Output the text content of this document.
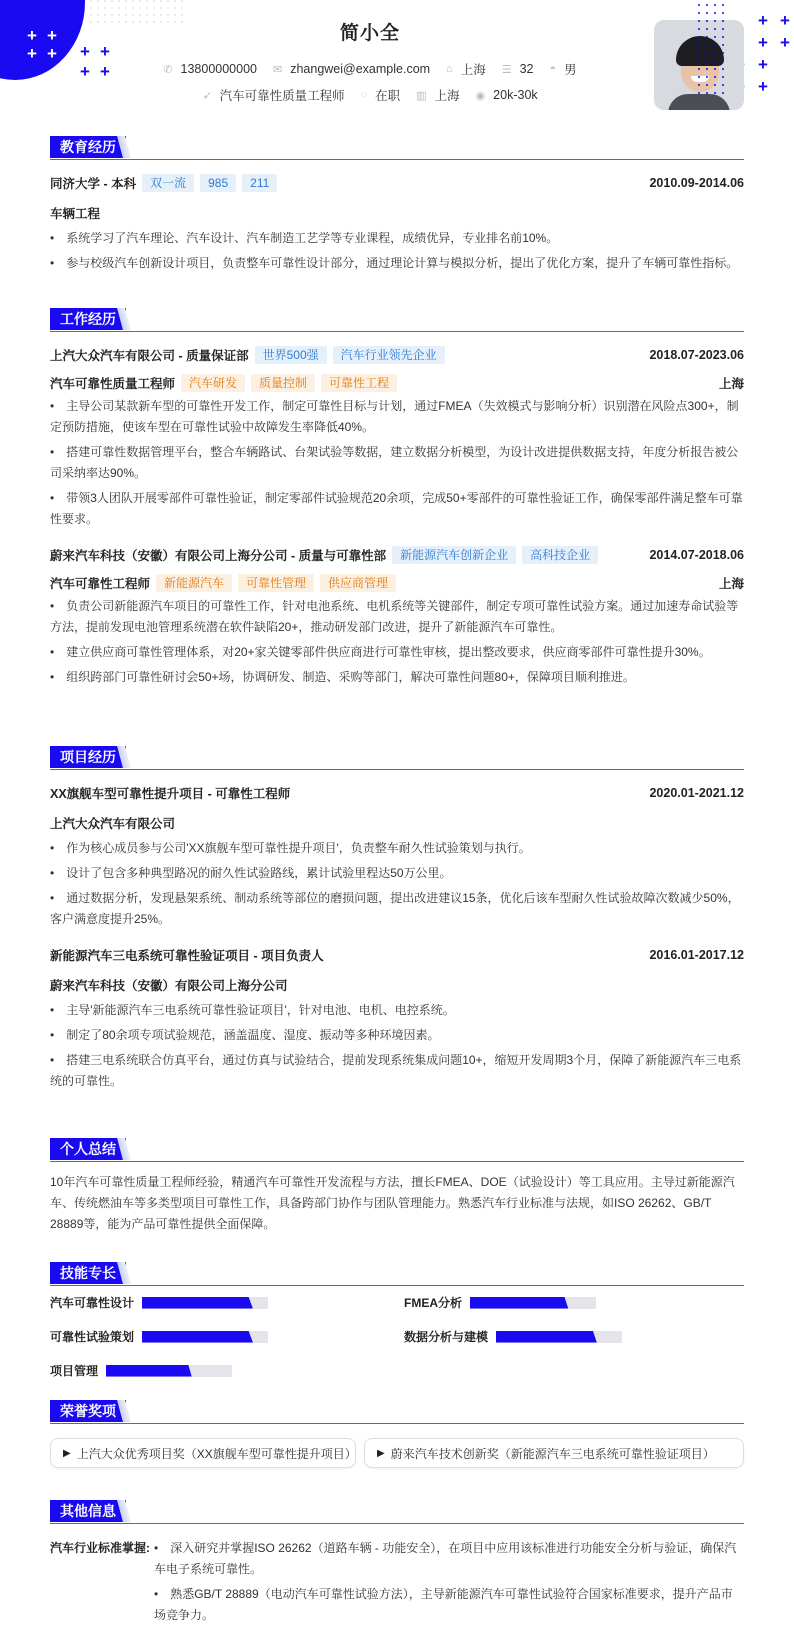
+ +
+ + + +
+ +
+ +
+ +
+
+
简小全
✆ 13800000000 ✉ zhangwei@example.com ⌂ 上海 ☰ 32 ◓ 男
➶ 汽车可靠性质量工程师 ◌ 在职 ▥ 上海 ◉ 20k-30k
教育经历
同济大学 - 本科	双一流	985	211	2010.09-2014.06
车辆工程
• 系统学习了汽车理论、汽车设计、汽车制造工艺学等专业课程，成绩优异，专业排名前10%。
• 参与校级汽车创新设计项目，负责整车可靠性设计部分，通过理论计算与模拟分析，提出了优化方案，提升了车辆可靠性指标。
工作经历
上汽大众汽车有限公司 - 质量保证部	世界500强	汽车行业领先企业	2018.07-2023.06
汽车可靠性质量工程师	汽车研发	质量控制	可靠性工程	上海
• 主导公司某款新车型的可靠性开发工作，制定可靠性目标与计划，通过FMEA（失效模式与影响分析）识别潜在风险点300+，制定预防措施，使该车型在可靠性试验中故障发生率降低40%。
• 搭建可靠性数据管理平台，整合车辆路试、台架试验等数据，建立数据分析模型，为设计改进提供数据支持，年度分析报告被公司采纳率达90%。
• 带领3人团队开展零部件可靠性验证，制定零部件试验规范20余项，完成50+零部件的可靠性验证工作，确保零部件满足整车可靠性要求。
蔚来汽车科技（安徽）有限公司上海分公司 - 质量与可靠性部	新能源汽车创新企业	高科技企业	2014.07-2018.06
汽车可靠性工程师	新能源汽车	可靠性管理	供应商管理	上海
• 负责公司新能源汽车项目的可靠性工作，针对电池系统、电机系统等关键部件，制定专项可靠性试验方案。通过加速寿命试验等方法，提前发现电池管理系统潜在软件缺陷20+，推动研发部门改进，提升了新能源汽车可靠性。
• 建立供应商可靠性管理体系，对20+家关键零部件供应商进行可靠性审核，提出整改要求，供应商零部件可靠性提升30%。
• 组织跨部门可靠性研讨会50+场，协调研发、制造、采购等部门，解决可靠性问题80+，保障项目顺利推进。
项目经历
XX旗舰车型可靠性提升项目 - 可靠性工程师	2020.01-2021.12
上汽大众汽车有限公司
• 作为核心成员参与公司'XX旗舰车型可靠性提升项目'，负责整车耐久性试验策划与执行。
• 设计了包含多种典型路况的耐久性试验路线，累计试验里程达50万公里。
• 通过数据分析，发现悬架系统、制动系统等部位的磨损问题，提出改进建议15条，优化后该车型耐久性试验故障次数减少50%，客户满意度提升25%。
新能源汽车三电系统可靠性验证项目 - 项目负责人	2016.01-2017.12
蔚来汽车科技（安徽）有限公司上海分公司
• 主导'新能源汽车三电系统可靠性验证项目'，针对电池、电机、电控系统。
• 制定了80余项专项试验规范，涵盖温度、湿度、振动等多种环境因素。
• 搭建三电系统联合仿真平台，通过仿真与试验结合，提前发现系统集成问题10+，缩短开发周期3个月，保障了新能源汽车三电系统的可靠性。
个人总结
10年汽车可靠性质量工程师经验，精通汽车可靠性开发流程与方法，擅长FMEA、DOE（试验设计）等工具应用。主导过新能源汽车、传统燃油车等多类型项目可靠性工作，具备跨部门协作与团队管理能力。熟悉汽车行业标准与法规，如ISO 26262、GB/T 28889等，能为产品可靠性提供全面保障。
技能专长
汽车可靠性设计	FMEA分析
可靠性试验策划	数据分析与建模
项目管理
荣誉奖项
▶ 上汽大众优秀项目奖（XX旗舰车型可靠性提升项目） ▶ 蔚来汽车技术创新奖（新能源汽车三电系统可靠性验证项目）
其他信息
汽车行业标准掌握:	• 深入研究并掌握ISO 26262（道路车辆 - 功能安全），在项目中应用该标准进行功能安全分析与验证，确保汽车电子系统可靠性。
• 熟悉GB/T 28889（电动汽车可靠性试验方法），主导新能源汽车可靠性试验符合国家标准要求，提升产品市场竞争力。
